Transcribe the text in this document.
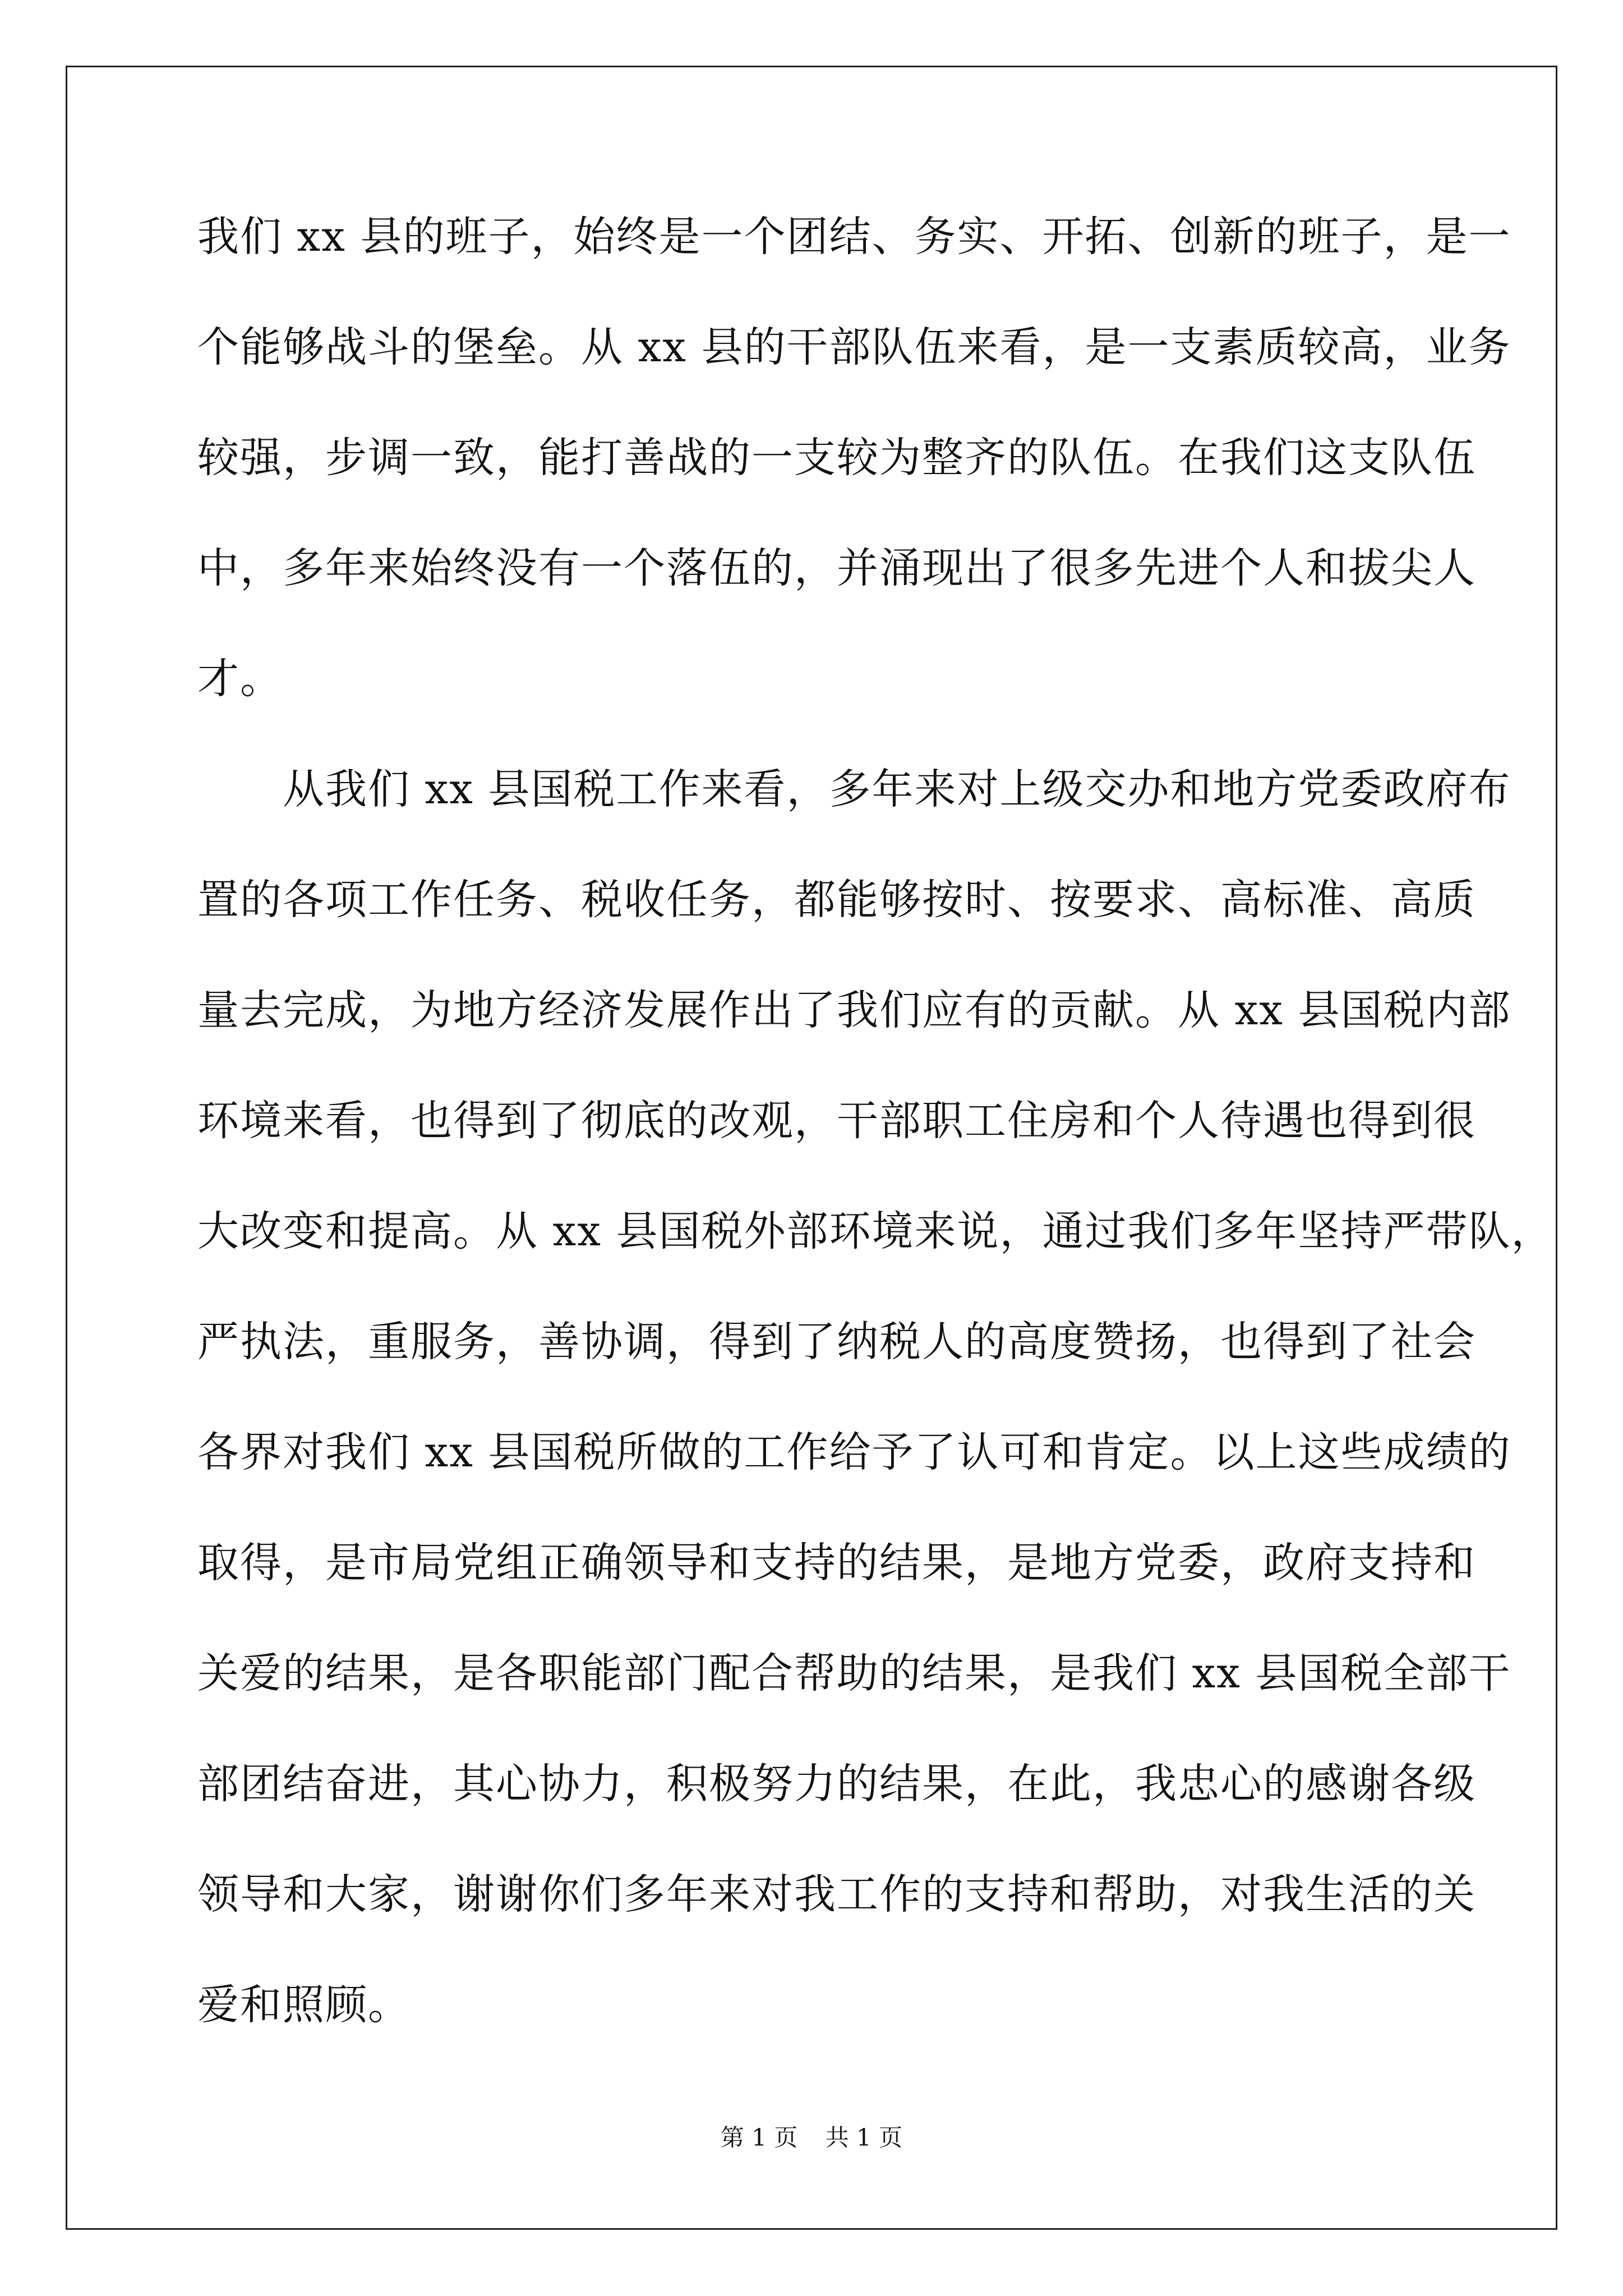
我们 xx 县的班子，始终是一个团结、务实、开拓、创新的班子，是一
个能够战斗的堡垒。从 xx 县的干部队伍来看，是一支素质较高，业务
较强，步调一致，能打善战的一支较为整齐的队伍。在我们这支队伍
中，多年来始终没有一个落伍的，并涌现出了很多先进个人和拔尖人
才。
　　从我们 xx 县国税工作来看，多年来对上级交办和地方党委政府布
置的各项工作任务、税收任务，都能够按时、按要求、高标准、高质
量去完成，为地方经济发展作出了我们应有的贡献。从 xx 县国税内部
环境来看，也得到了彻底的改观，干部职工住房和个人待遇也得到很
大改变和提高。从 xx 县国税外部环境来说，通过我们多年坚持严带队，
严执法，重服务，善协调，得到了纳税人的高度赞扬，也得到了社会
各界对我们 xx 县国税所做的工作给予了认可和肯定。以上这些成绩的
取得，是市局党组正确领导和支持的结果，是地方党委，政府支持和
关爱的结果，是各职能部门配合帮助的结果，是我们 xx 县国税全部干
部团结奋进，其心协力，积极努力的结果，在此，我忠心的感谢各级
领导和大家，谢谢你们多年来对我工作的支持和帮助，对我生活的关
爱和照顾。
第 1 页 共 1 页
